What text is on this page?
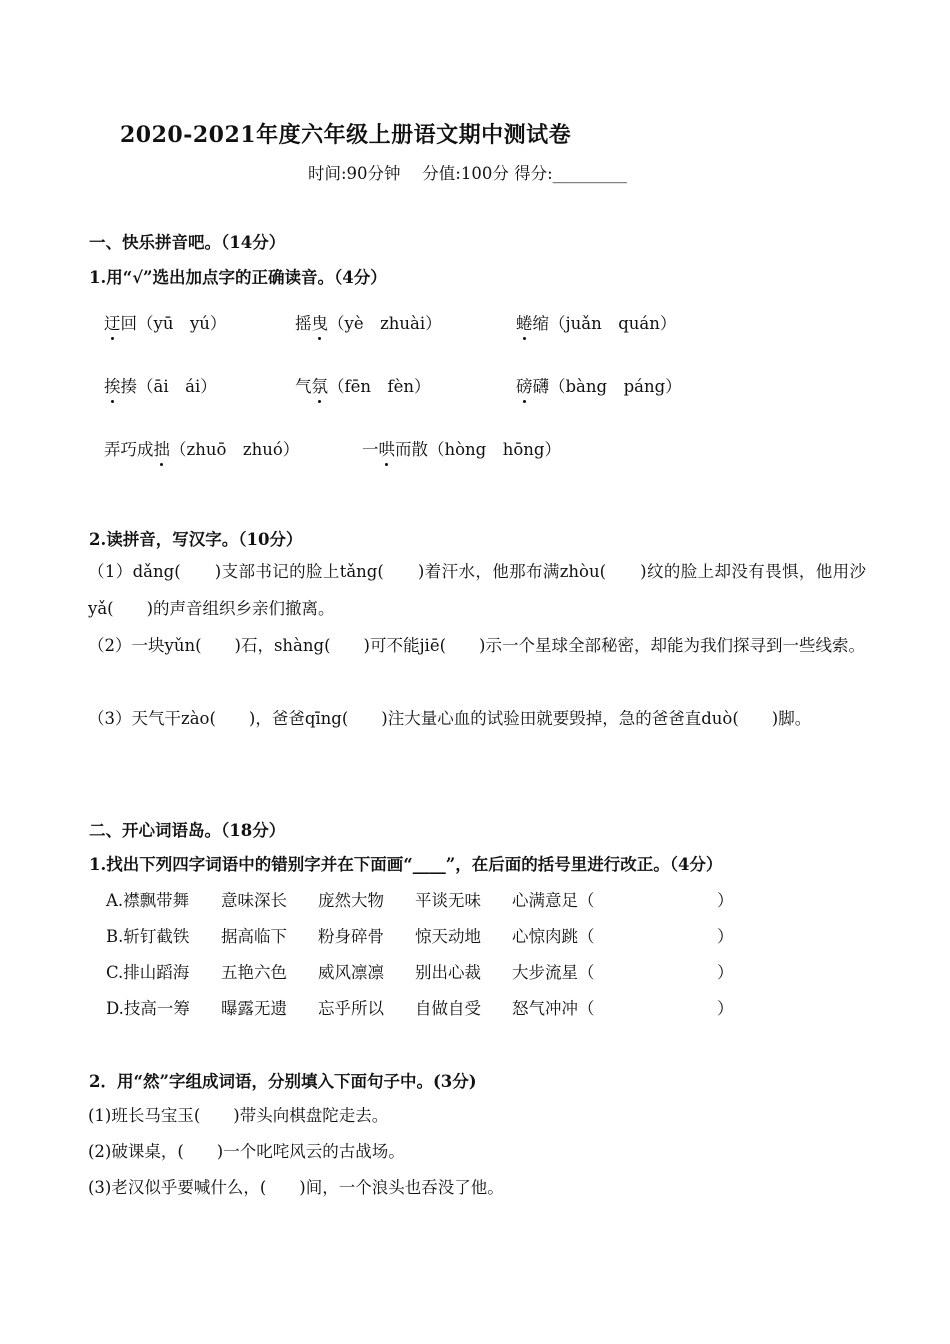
2020-2021年度六年级上册语文期中测试卷
时间:90分钟　 分值:100分 得分:_________
一、快乐拼音吧。（14分）
1.用“√”选出加点字的正确读音。（4分）
迂回（yū　yú）	摇曳（yè　zhuài）	蜷缩（juǎn　quán）
挨揍（āi　ái）	气氛（fēn　fèn）	磅礴（bàng　páng）
弄巧成拙（zhuō　zhuó）	一哄而散（hòng　hōng）
2.读拼音，写汉字。（10分）
（1）dǎng(　　)支部书记的脸上tǎng(　　)着汗水，他那布满zhòu(　　)纹的脸上却没有畏惧，他用沙yǎ(　　)的声音组织乡亲们撤离。
（2）一块yǔn(　　)石，shàng(　　)可不能jiē(　　)示一个星球全部秘密，却能为我们探寻到一些线索。
（3）天气干zào(　　)，爸爸qīng(　　)注大量心血的试验田就要毁掉，急的爸爸直duò(　　)脚。
二、开心词语岛。（18分）
1.找出下列四字词语中的错别字并在下面画“____”，在后面的括号里进行改正。（4分）
A.襟飘带舞 意味深长 庞然大物 平谈无味 心满意足（	）
B.斩钉截铁 据高临下 粉身碎骨 惊天动地 心惊肉跳（	）
C.排山蹈海 五艳六色 威风凛凛 别出心裁 大步流星（	）
D.技高一筹 曝露无遗 忘乎所以 自做自受 怒气冲冲（	）
2．用“然”字组成词语，分别填入下面句子中。(3分)
(1)班长马宝玉(　　)带头向棋盘陀走去。
(2)破课桌，(　　)一个叱咤风云的古战场。
(3)老汉似乎要喊什么，(　　)间，一个浪头也吞没了他。
